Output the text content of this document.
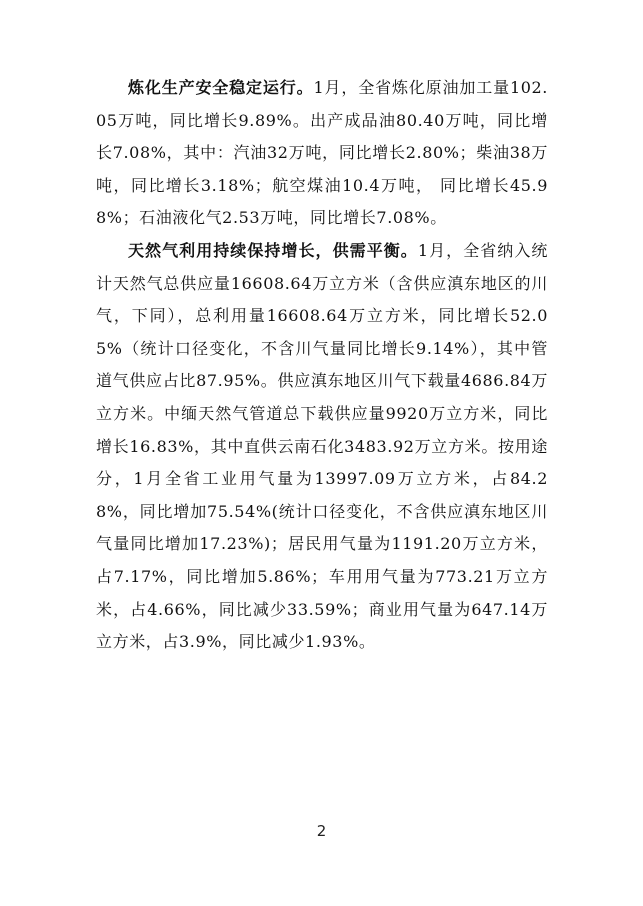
炼化生产安全稳定运行。1月，全省炼化原油加工量102.05万吨，同比增长9.89%。出产成品油80.40万吨，同比增长7.08%，其中：汽油32万吨，同比增长2.80%；柴油38万吨，同比增长3.18%；航空煤油10.4万吨， 同比增长45.98%；石油液化气2.53万吨，同比增长7.08%。

天然气利用持续保持增长，供需平衡。1月，全省纳入统计天然气总供应量16608.64万立方米（含供应滇东地区的川气，下同），总利用量16608.64万立方米，同比增长52.05%（统计口径变化，不含川气量同比增长9.14%），其中管道气供应占比87.95%。供应滇东地区川气下载量4686.84万立方米。中缅天然气管道总下载供应量9920万立方米，同比增长16.83%，其中直供云南石化3483.92万立方米。按用途分，1月全省工业用气量为13997.09万立方米，占84.28%，同比增加75.54%(统计口径变化，不含供应滇东地区川气量同比增加17.23%)；居民用气量为1191.20万立方米，占7.17%，同比增加5.86%；车用用气量为773.21万立方米，占4.66%，同比减少33.59%；商业用气量为647.14万立方米，占3.9%，同比减少1.93%。

2
